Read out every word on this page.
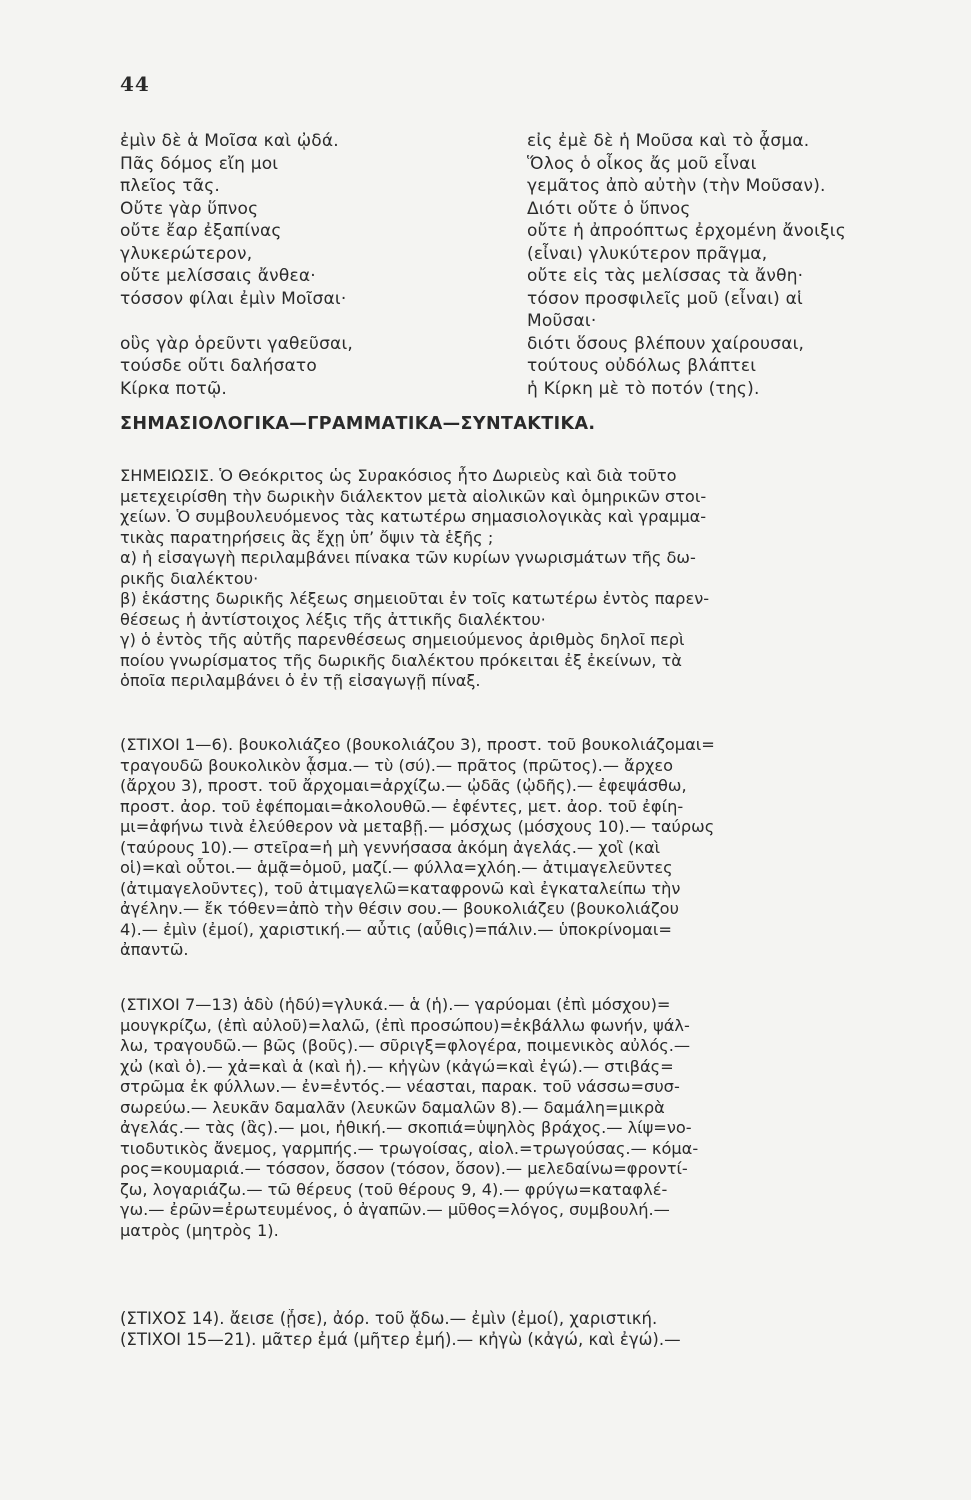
44
ἐμὶν δὲ ἁ Μοῖσα καὶ ᾠδά.
Πᾶς δόμος εἴη μοι
πλεῖος τᾶς.
Οὔτε γὰρ ὕπνος
οὔτε ἔαρ ἐξαπίνας
γλυκερώτερον,
οὔτε μελίσσαις ἄνθεα·
τόσσον φίλαι ἐμὶν Μοῖσαι·

οὓς γὰρ ὁρεῦντι γαθεῦσαι,
τούσδε οὔτι δαλήσατο
Κίρκα ποτῷ.
εἰς ἐμὲ δὲ ἡ Μοῦσα καὶ τὸ ᾆσμα.
Ὅλος ὁ οἶκος ἄς μοῦ εἶναι
γεμᾶτος ἀπὸ αὐτὴν (τὴν Μοῦσαν).
Διότι οὔτε ὁ ὕπνος
οὔτε ἡ ἀπροόπτως ἐρχομένη ἄνοιξις
(εἶναι) γλυκύτερον πρᾶγμα,
οὔτε εἰς τὰς μελίσσας τὰ ἄνθη·
τόσον προσφιλεῖς μοῦ (εἶναι) αἱ
Μοῦσαι·
διότι ὅσους βλέπουν χαίρουσαι,
τούτους οὐδόλως βλάπτει
ἡ Κίρκη μὲ τὸ ποτόν (της).
ΣΗΜΑΣΙΟΛΟΓΙΚΑ—ΓΡΑΜΜΑΤΙΚΑ—ΣΥΝΤΑΚΤΙΚΑ.
ΣΗΜΕΙΩΣΙΣ. Ὁ Θεόκριτος ὡς Συρακόσιος ἦτο Δωριεὺς καὶ διὰ τοῦτο
μετεχειρίσθη τὴν δωρικὴν διάλεκτον μετὰ αἰολικῶν καὶ ὁμηρικῶν στοι-
χείων. Ὁ συμβουλευόμενος τὰς κατωτέρω σημασιολογικὰς καὶ γραμμα-
τικὰς παρατηρήσεις ἂς ἔχῃ ὑπ’ ὄψιν τὰ ἑξῆς ;
α) ἡ εἰσαγωγὴ περιλαμβάνει πίνακα τῶν κυρίων γνωρισμάτων τῆς δω-
ρικῆς διαλέκτου·
β) ἑκάστης δωρικῆς λέξεως σημειοῦται ἐν τοῖς κατωτέρω ἐντὸς παρεν-
θέσεως ἡ ἀντίστοιχος λέξις τῆς ἀττικῆς διαλέκτου·
γ) ὁ ἐντὸς τῆς αὐτῆς παρενθέσεως σημειούμενος ἀριθμὸς δηλοῖ περὶ
ποίου γνωρίσματος τῆς δωρικῆς διαλέκτου πρόκειται ἐξ ἐκείνων, τὰ
ὁποῖα περιλαμβάνει ὁ ἐν τῇ εἰσαγωγῇ πίναξ.
(ΣΤΙΧΟΙ 1—6). βουκολιάζεο (βουκολιάζου 3), προστ. τοῦ βουκολιάζομαι=
τραγουδῶ βουκολικὸν ᾆσμα.— τὺ (σύ).— πρᾶτος (πρῶτος).— ἄρχεο
(ἄρχου 3), προστ. τοῦ ἄρχομαι=ἀρχίζω.— ᾠδᾶς (ᾠδῆς).— ἐφεψάσθω,
προστ. ἀορ. τοῦ ἐφέπομαι=ἀκολουθῶ.— ἐφέντες, μετ. ἀορ. τοῦ ἐφίη-
μι=ἀφήνω τινὰ ἐλεύθερον νὰ μεταβῇ.— μόσχως (μόσχους 10).— ταύρως
(ταύρους 10).— στεῖρα=ἡ μὴ γεννήσασα ἀκόμη ἀγελάς.— χοἲ (καὶ
οἱ)=καὶ οὗτοι.— ἁμᾷ=ὁμοῦ, μαζί.— φύλλα=χλόη.— ἀτιμαγελεῦντες
(ἀτιμαγελοῦντες), τοῦ ἀτιμαγελῶ=καταφρονῶ καὶ ἐγκαταλείπω τὴν
ἀγέλην.— ἔκ τόθεν=ἀπὸ τὴν θέσιν σου.— βουκολιάζευ (βουκολιάζου
4).— ἐμὶν (ἐμοί), χαριστική.— αὖτις (αὖθις)=πάλιν.— ὑποκρίνομαι=
ἀπαντῶ.
(ΣΤΙΧΟΙ 7—13) ἁδὺ (ἡδύ)=γλυκά.— ἁ (ἡ).— γαρύομαι (ἐπὶ μόσχου)=
μουγκρίζω, (ἐπὶ αὐλοῦ)=λαλῶ, (ἐπὶ προσώπου)=ἐκβάλλω φωνήν, ψάλ-
λω, τραγουδῶ.— βῶς (βοῦς).— σῦριγξ=φλογέρα, ποιμενικὸς αὐλός.—
χὠ (καὶ ὁ).— χἀ=καὶ ἁ (καὶ ἡ).— κἠγὼν (κἀγώ=καὶ ἐγώ).— στιβάς=
στρῶμα ἐκ φύλλων.— ἐν=ἐντός.— νέασται, παρακ. τοῦ νάσσω=συσ-
σωρεύω.— λευκᾶν δαμαλᾶν (λευκῶν δαμαλῶν 8).— δαμάλη=μικρὰ
ἀγελάς.— τὰς (ἃς).— μοι, ἠθική.— σκοπιά=ὑψηλὸς βράχος.— λίψ=νο-
τιοδυτικὸς ἄνεμος, γαρμπής.— τρωγοίσας, αἰολ.=τρωγούσας.— κόμα-
ρος=κουμαριά.— τόσσον, ὅσσον (τόσον, ὅσον).— μελεδαίνω=φροντί-
ζω, λογαριάζω.— τῶ θέρευς (τοῦ θέρους 9, 4).— φρύγω=καταφλέ-
γω.— ἐρῶν=ἐρωτευμένος, ὁ ἀγαπῶν.— μῦθος=λόγος, συμβουλή.—
ματρὸς (μητρὸς 1).
(ΣΤΙΧΟΣ 14). ἄεισε (ᾖσε), ἀόρ. τοῦ ᾄδω.— ἐμὶν (ἐμοί), χαριστική.
(ΣΤΙΧΟΙ 15—21). μᾶτερ ἐμά (μῆτερ ἐμή).— κἠγὼ (κἀγώ, καὶ ἐγώ).—
